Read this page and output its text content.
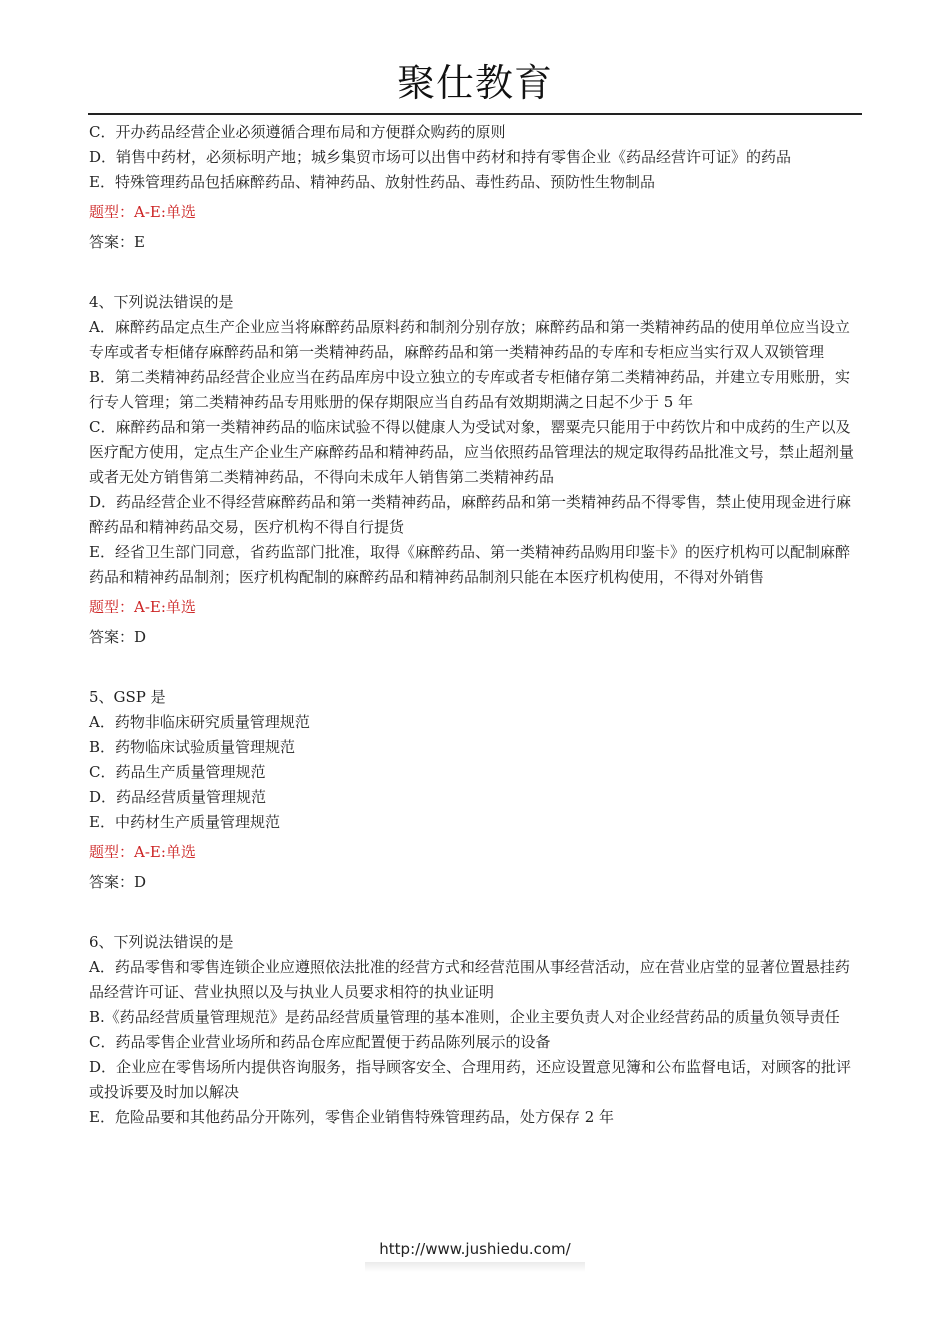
聚仕教育

C．开办药品经营企业必须遵循合理布局和方便群众购药的原则

D．销售中药材，必须标明产地；城乡集贸市场可以出售中药材和持有零售企业《药品经营许可证》的药品

E．特殊管理药品包括麻醉药品、精神药品、放射性药品、毒性药品、预防性生物制品

题型：A-E:单选

答案：E

4、下列说法错误的是

A．麻醉药品定点生产企业应当将麻醉药品原料药和制剂分别存放；麻醉药品和第一类精神药品的使用单位应当设立专库或者专柜储存麻醉药品和第一类精神药品，麻醉药品和第一类精神药品的专库和专柜应当实行双人双锁管理

B．第二类精神药品经营企业应当在药品库房中设立独立的专库或者专柜储存第二类精神药品，并建立专用账册，实行专人管理；第二类精神药品专用账册的保存期限应当自药品有效期期满之日起不少于 5 年

C．麻醉药品和第一类精神药品的临床试验不得以健康人为受试对象，罂粟壳只能用于中药饮片和中成药的生产以及医疗配方使用，定点生产企业生产麻醉药品和精神药品，应当依照药品管理法的规定取得药品批准文号，禁止超剂量或者无处方销售第二类精神药品，不得向未成年人销售第二类精神药品

D．药品经营企业不得经营麻醉药品和第一类精神药品，麻醉药品和第一类精神药品不得零售，禁止使用现金进行麻醉药品和精神药品交易，医疗机构不得自行提货

E．经省卫生部门同意，省药监部门批准，取得《麻醉药品、第一类精神药品购用印鉴卡》的医疗机构可以配制麻醉药品和精神药品制剂；医疗机构配制的麻醉药品和精神药品制剂只能在本医疗机构使用，不得对外销售

题型：A-E:单选

答案：D

5、GSP 是

A．药物非临床研究质量管理规范

B．药物临床试验质量管理规范

C．药品生产质量管理规范

D．药品经营质量管理规范

E．中药材生产质量管理规范

题型：A-E:单选

答案：D

6、下列说法错误的是

A．药品零售和零售连锁企业应遵照依法批准的经营方式和经营范围从事经营活动，应在营业店堂的显著位置悬挂药品经营许可证、营业执照以及与执业人员要求相符的执业证明

B.《药品经营质量管理规范》是药品经营质量管理的基本准则，企业主要负责人对企业经营药品的质量负领导责任

C．药品零售企业营业场所和药品仓库应配置便于药品陈列展示的设备

D．企业应在零售场所内提供咨询服务，指导顾客安全、合理用药，还应设置意见簿和公布监督电话，对顾客的批评或投诉要及时加以解决

E．危险品要和其他药品分开陈列，零售企业销售特殊管理药品，处方保存 2 年

http://www.jushiedu.com/
